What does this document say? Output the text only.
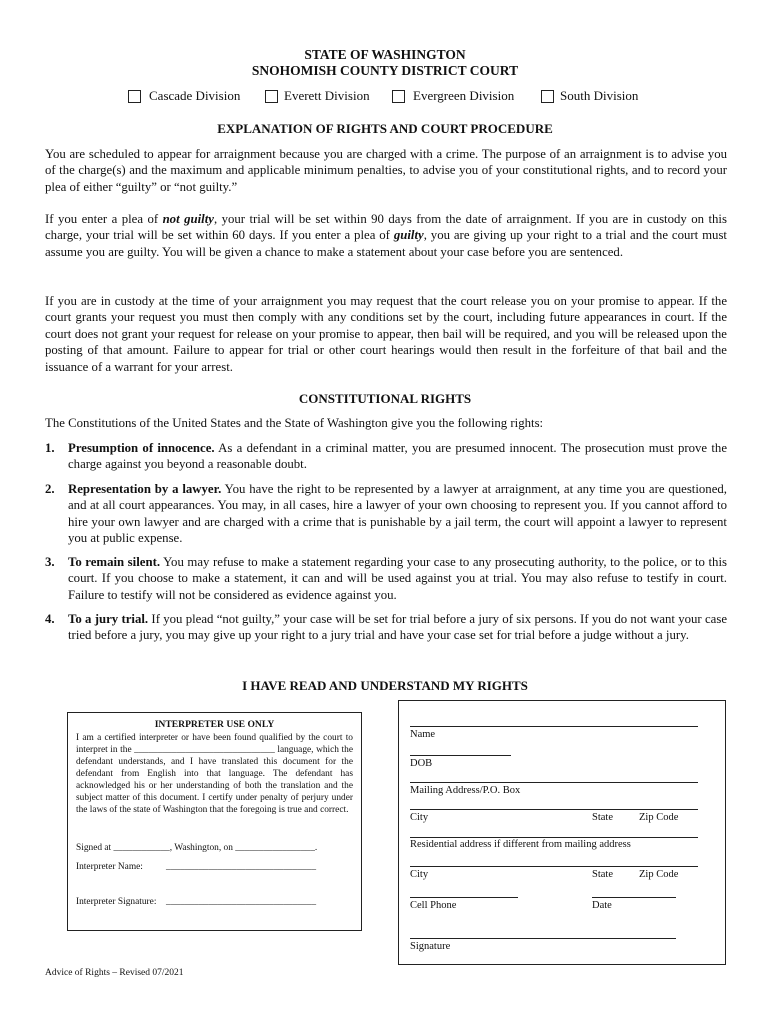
STATE OF WASHINGTON
SNOHOMISH COUNTY DISTRICT COURT
Cascade Division	Everett Division	Evergreen Division	South Division
EXPLANATION OF RIGHTS AND COURT PROCEDURE

You are scheduled to appear for arraignment because you are charged with a crime. The purpose of an arraignment is to advise you of the charge(s) and the maximum and applicable minimum penalties, to advise you of your constitutional rights, and to record your plea of either “guilty” or “not guilty.”

If you enter a plea of not guilty, your trial will be set within 90 days from the date of arraignment. If you are in custody on this charge, your trial will be set within 60 days. If you enter a plea of guilty, you are giving up your right to a trial and the court must assume you are guilty. You will be given a chance to make a statement about your case before you are sentenced.

If you are in custody at the time of your arraignment you may request that the court release you on your promise to appear. If the court grants your request you must then comply with any conditions set by the court, including future appearances in court. If the court does not grant your request for release on your promise to appear, then bail will be required, and you will be released upon the posting of that amount. Failure to appear for trial or other court hearings would then result in the forfeiture of that bail and the issuance of a warrant for your arrest.

CONSTITUTIONAL RIGHTS

The Constitutions of the United States and the State of Washington give you the following rights:

1. Presumption of innocence. As a defendant in a criminal matter, you are presumed innocent. The prosecution must prove the charge against you beyond a reasonable doubt.
2. Representation by a lawyer. You have the right to be represented by a lawyer at arraignment, at any time you are questioned, and at all court appearances. You may, in all cases, hire a lawyer of your own choosing to represent you. If you cannot afford to hire your own lawyer and are charged with a crime that is punishable by a jail term, the court will appoint a lawyer to represent you at public expense.
3. To remain silent. You may refuse to make a statement regarding your case to any prosecuting authority, to the police, or to this court. If you choose to make a statement, it can and will be used against you at trial. You may also refuse to testify in court. Failure to testify will not be considered as evidence against you.
4. To a jury trial. If you plead “not guilty,” your case will be set for trial before a jury of six persons. If you do not want your case tried before a jury, you may give up your right to a jury trial and have your case set for trial before a judge without a jury.
I HAVE READ AND UNDERSTAND MY RIGHTS
INTERPRETER USE ONLY
I am a certified interpreter or have been found qualified by the court to interpret in the ______________________________ language, which the defendant understands, and I have translated this document for the defendant from English into that language. The defendant has acknowledged his or her understanding of both the translation and the subject matter of this document. I certify under penalty of perjury under the laws of the state of Washington that the foregoing is true and correct.
Signed at ____________, Washington, on _________________.
Interpreter Name: ________________________________
Interpreter Signature: ________________________________
Name
DOB
Mailing Address/P.O. Box
City	State Zip Code
Residential address if different from mailing address
City	State Zip Code
Cell Phone	Date
Signature
Advice of Rights – Revised 07/2021
